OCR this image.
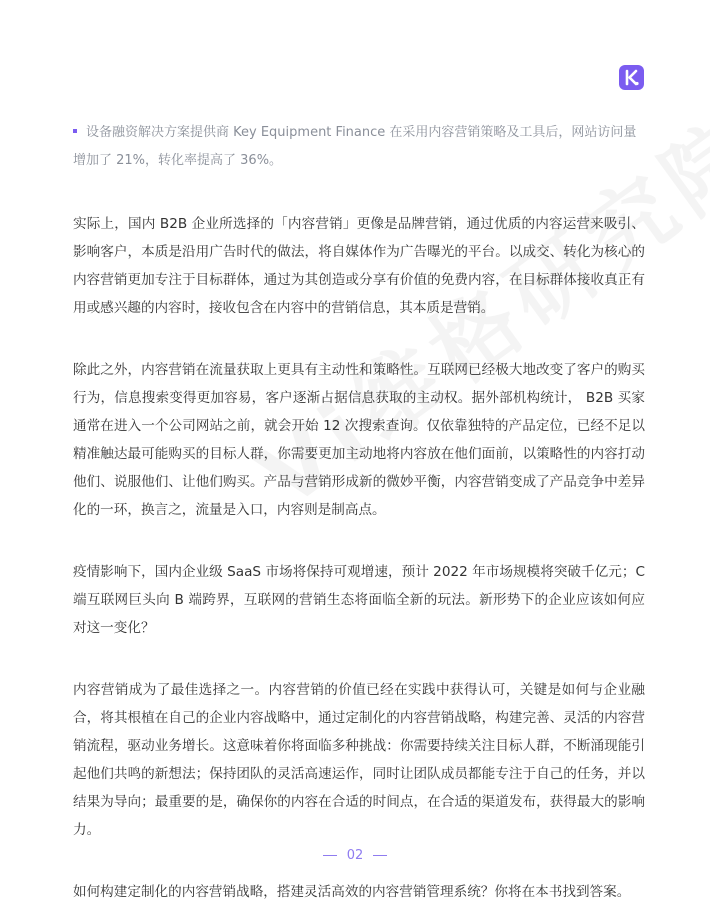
设备融资解决方案提供商 Key Equipment Finance 在采用内容营销策略及工具后，网站访问量增加了 21%，转化率提高了 36%。

实际上，国内 B2B 企业所选择的「内容营销」更像是品牌营销，通过优质的内容运营来吸引、影响客户，本质是沿用广告时代的做法，将自媒体作为广告曝光的平台。以成交、转化为核心的内容营销更加专注于目标群体，通过为其创造或分享有价值的免费内容，在目标群体接收真正有用或感兴趣的内容时，接收包含在内容中的营销信息，其本质是营销。

除此之外，内容营销在流量获取上更具有主动性和策略性。互联网已经极大地改变了客户的购买行为，信息搜索变得更加容易，客户逐渐占据信息获取的主动权。据外部机构统计， B2B 买家通常在进入一个公司网站之前，就会开始 12 次搜索查询。仅依靠独特的产品定位，已经不足以精准触达最可能购买的目标人群，你需要更加主动地将内容放在他们面前，以策略性的内容打动他们、说服他们、让他们购买。产品与营销形成新的微妙平衡，内容营销变成了产品竞争中差异化的一环，换言之，流量是入口，内容则是制高点。

疫情影响下，国内企业级 SaaS 市场将保持可观增速，预计 2022 年市场规模将突破千亿元；C 端互联网巨头向 B 端跨界，互联网的营销生态将面临全新的玩法。新形势下的企业应该如何应对这一变化？

内容营销成为了最佳选择之一。内容营销的价值已经在实践中获得认可，关键是如何与企业融合，将其根植在自己的企业内容战略中，通过定制化的内容营销战略，构建完善、灵活的内容营销流程，驱动业务增长。这意味着你将面临多种挑战：你需要持续关注目标人群，不断涌现能引起他们共鸣的新想法；保持团队的灵活高速运作，同时让团队成员都能专注于自己的任务，并以结果为导向；最重要的是，确保你的内容在合适的时间点，在合适的渠道发布，获得最大的影响力。

如何构建定制化的内容营销战略，搭建灵活高效的内容营销管理系统？你将在本书找到答案。

02
